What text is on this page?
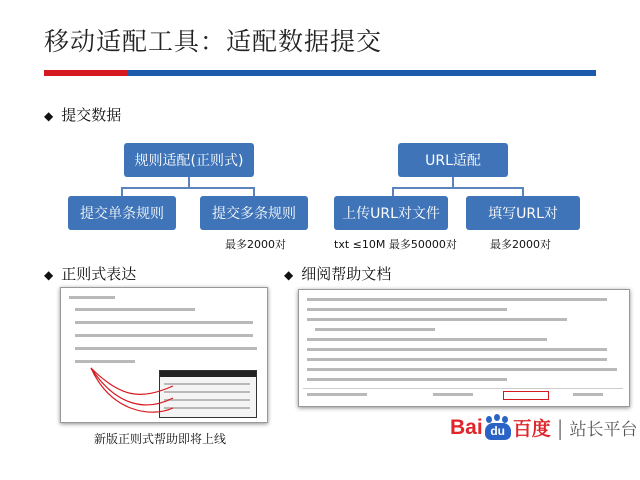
移动适配工具：适配数据提交
◆ 提交数据
规则适配(正则式)
提交单条规则	提交多条规则
最多2000对
URL适配
上传URL对文件	填写URL对
txt ≤10M 最多50000对	最多2000对
◆ 正则式表达	◆ 细阅帮助文档
新版正则式帮助即将上线
Bai du 百度 | 站长平台
